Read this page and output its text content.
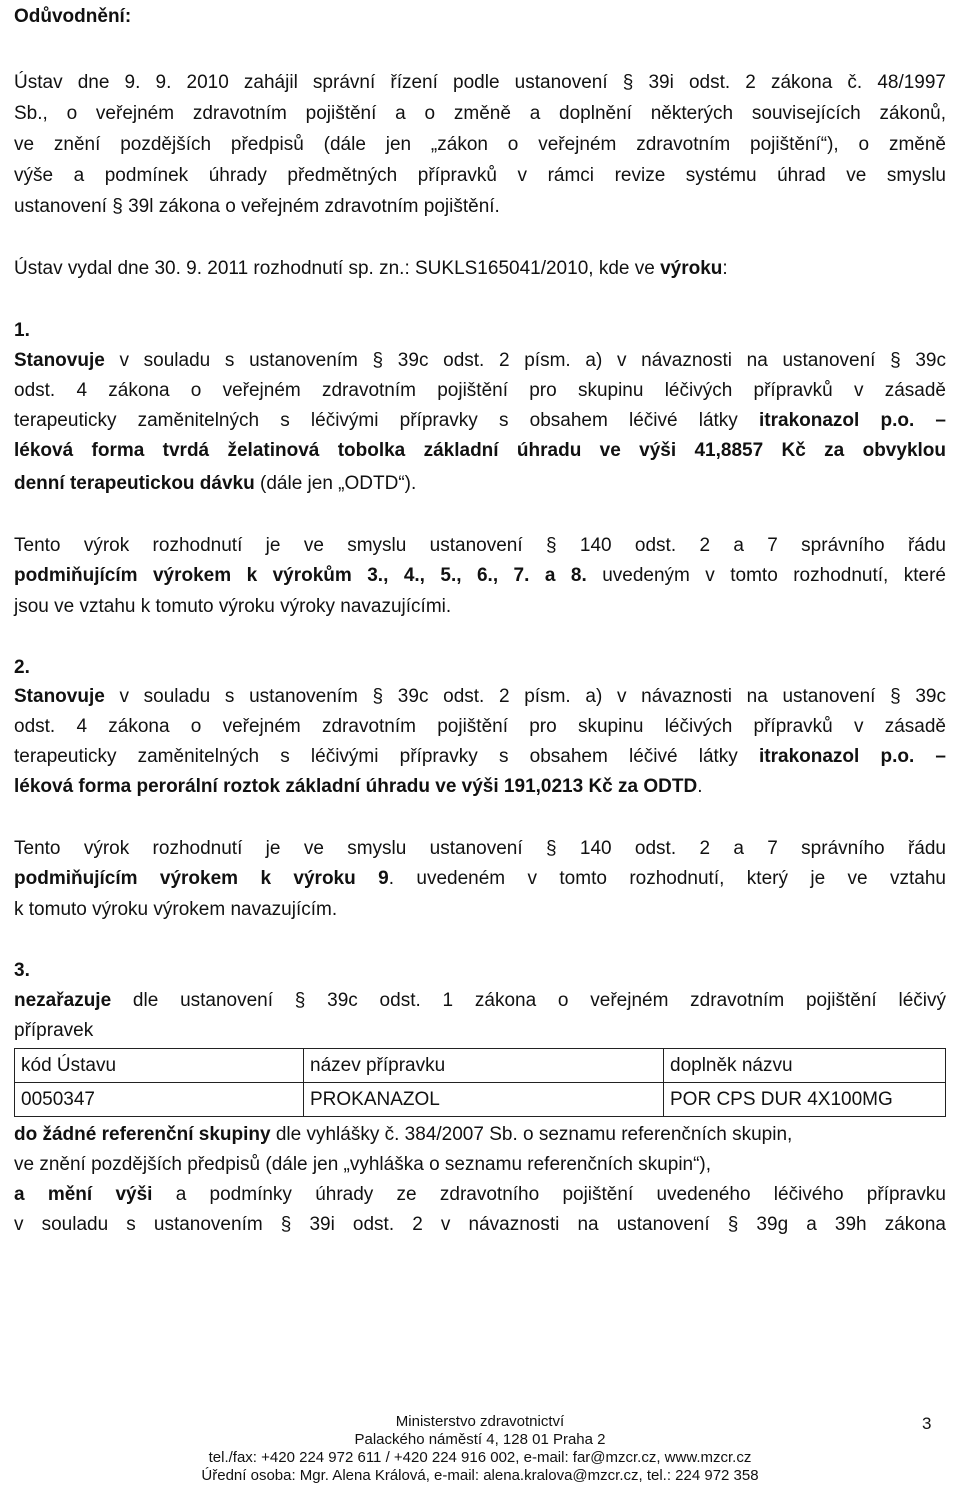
Odůvodnění:
Ústav dne 9. 9. 2010 zahájil správní řízení podle ustanovení § 39i odst. 2 zákona č. 48/1997
Sb., o veřejném zdravotním pojištění a o změně a doplnění některých souvisejících zákonů,
ve znění pozdějších předpisů (dále jen „zákon o veřejném zdravotním pojištění“), o změně
výše a podmínek úhrady předmětných přípravků v rámci revize systému úhrad ve smyslu
ustanovení § 39l zákona o veřejném zdravotním pojištění.
Ústav vydal dne 30. 9. 2011 rozhodnutí sp. zn.: SUKLS165041/2010, kde ve výroku:
1.
Stanovuje v souladu s ustanovením § 39c odst. 2 písm. a) v návaznosti na ustanovení § 39c
odst. 4 zákona o veřejném zdravotním pojištění pro skupinu léčivých přípravků v zásadě
terapeuticky zaměnitelných s léčivými přípravky s obsahem léčivé látky itrakonazol p.o. –
léková forma tvrdá želatinová tobolka základní úhradu ve výši 41,8857 Kč za obvyklou
denní terapeutickou dávku (dále jen „ODTD“).
Tento výrok rozhodnutí je ve smyslu ustanovení § 140 odst. 2 a 7 správního řádu
podmiňujícím výrokem k výrokům 3., 4., 5., 6., 7. a 8. uvedeným v tomto rozhodnutí, které
jsou ve vztahu k tomuto výroku výroky navazujícími.
2.
Stanovuje v souladu s ustanovením § 39c odst. 2 písm. a) v návaznosti na ustanovení § 39c
odst. 4 zákona o veřejném zdravotním pojištění pro skupinu léčivých přípravků v zásadě
terapeuticky zaměnitelných s léčivými přípravky s obsahem léčivé látky itrakonazol p.o. –
léková forma perorální roztok základní úhradu ve výši 191,0213 Kč za ODTD.
Tento výrok rozhodnutí je ve smyslu ustanovení § 140 odst. 2 a 7 správního řádu
podmiňujícím výrokem k výroku 9. uvedeném v tomto rozhodnutí, který je ve vztahu
k tomuto výroku výrokem navazujícím.
3.
nezařazuje dle ustanovení § 39c odst. 1 zákona o veřejném zdravotním pojištění léčivý
přípravek
kód Ústavu	název přípravku	doplněk názvu
0050347	PROKANAZOL	POR CPS DUR 4X100MG
do žádné referenční skupiny dle vyhlášky č. 384/2007 Sb. o seznamu referenčních skupin,
ve znění pozdějších předpisů (dále jen „vyhláška o seznamu referenčních skupin“),
a mění výši a podmínky úhrady ze zdravotního pojištění uvedeného léčivého přípravku
v souladu s ustanovením § 39i odst. 2 v návaznosti na ustanovení § 39g a 39h zákona
Ministerstvo zdravotnictví
Palackého náměstí 4, 128 01 Praha 2
tel./fax: +420 224 972 611 / +420 224 916 002, e-mail: far@mzcr.cz, www.mzcr.cz
Úřední osoba: Mgr. Alena Králová, e-mail: alena.kralova@mzcr.cz, tel.: 224 972 358
3
